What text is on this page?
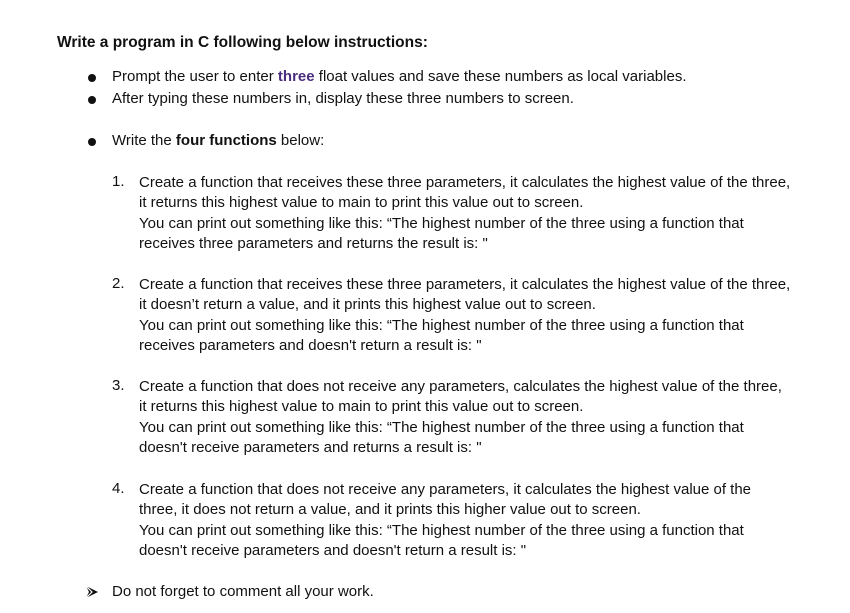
Write a program in C following below instructions:
Prompt the user to enter three float values and save these numbers as local variables.
After typing these numbers in, display these three numbers to screen.
Write the four functions below:
1. Create a function that receives these three parameters, it calculates the highest value of the three,
it returns this highest value to main to print this value out to screen.
You can print out something like this: “The highest number of the three using a function that
receives three parameters and returns the result is: "
2. Create a function that receives these three parameters, it calculates the highest value of the three,
it doesn’t return a value, and it prints this highest value out to screen.
You can print out something like this: “The highest number of the three using a function that
receives parameters and doesn't return a result is: "
3. Create a function that does not receive any parameters, calculates the highest value of the three,
it returns this highest value to main to print this value out to screen.
You can print out something like this: “The highest number of the three using a function that
doesn't receive parameters and returns a result is: "
4. Create a function that does not receive any parameters, it calculates the highest value of the
three, it does not return a value, and it prints this higher value out to screen.
You can print out something like this: “The highest number of the three using a function that
doesn't receive parameters and doesn't return a result is: "
Do not forget to comment all your work.
